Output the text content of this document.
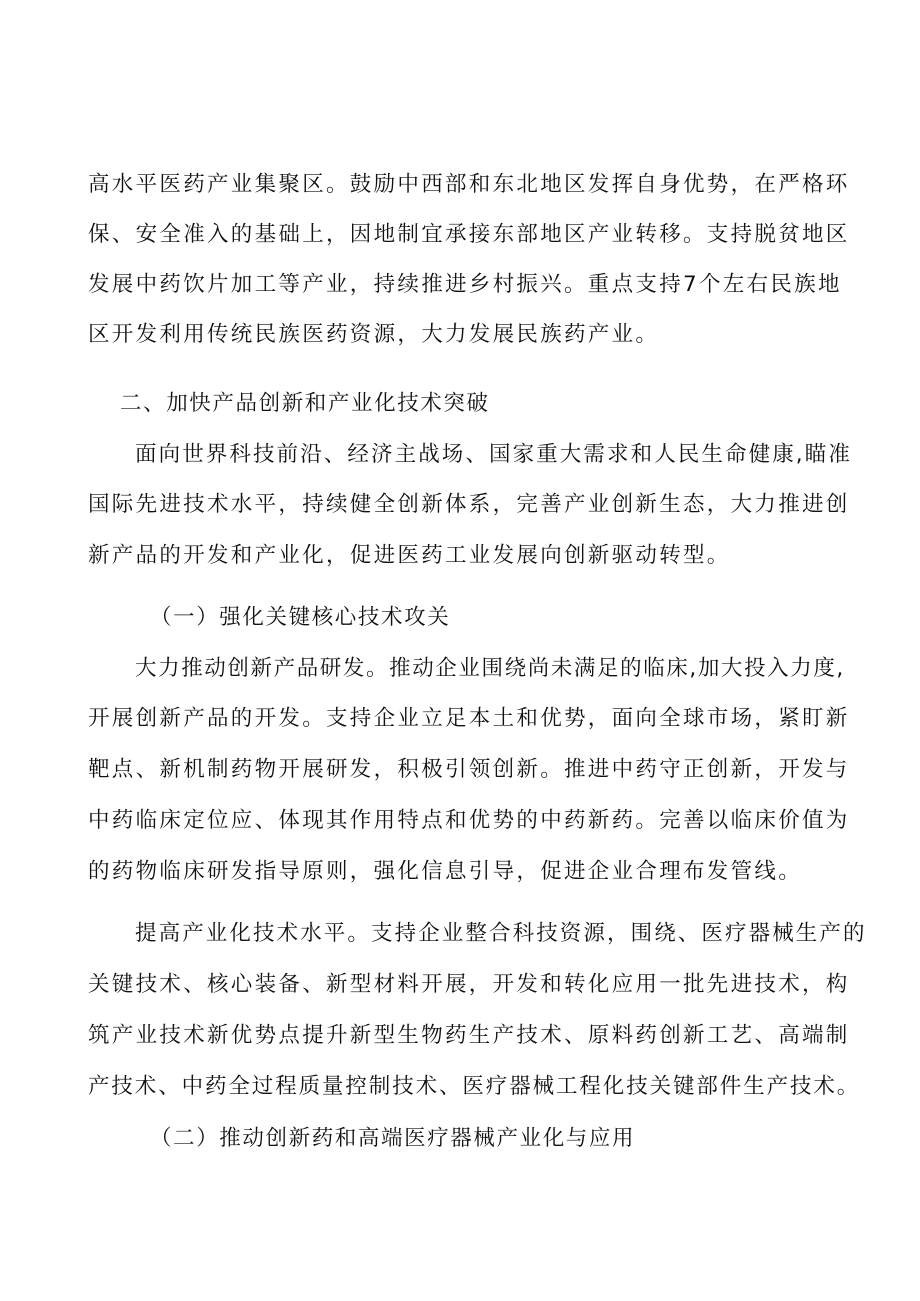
高水平医药产业集聚区。鼓励中西部和东北地区发挥自身优势，在严格环
保、安全准入的基础上，因地制宜承接东部地区产业转移。支持脱贫地区
发展中药饮片加工等产业，持续推进乡村振兴。重点支持7个左右民族地
区开发利用传统民族医药资源，大力发展民族药产业。
二、加快产品创新和产业化技术突破
面向世界科技前沿、经济主战场、国家重大需求和人民生命健康,瞄准
国际先进技术水平，持续健全创新体系，完善产业创新生态，大力推进创
新产品的开发和产业化，促进医药工业发展向创新驱动转型。
（一）强化关键核心技术攻关
大力推动创新产品研发。推动企业围绕尚未满足的临床,加大投入力度,
开展创新产品的开发。支持企业立足本土和优势，面向全球市场，紧盯新
靶点、新机制药物开展研发，积极引领创新。推进中药守正创新，开发与
中药临床定位应、体现其作用特点和优势的中药新药。完善以临床价值为
的药物临床研发指导原则，强化信息引导，促进企业合理布发管线。
提高产业化技术水平。支持企业整合科技资源，围绕、医疗器械生产的
关键技术、核心装备、新型材料开展，开发和转化应用一批先进技术，构
筑产业技术新优势点提升新型生物药生产技术、原料药创新工艺、高端制
产技术、中药全过程质量控制技术、医疗器械工程化技关键部件生产技术。
（二）推动创新药和高端医疗器械产业化与应用
